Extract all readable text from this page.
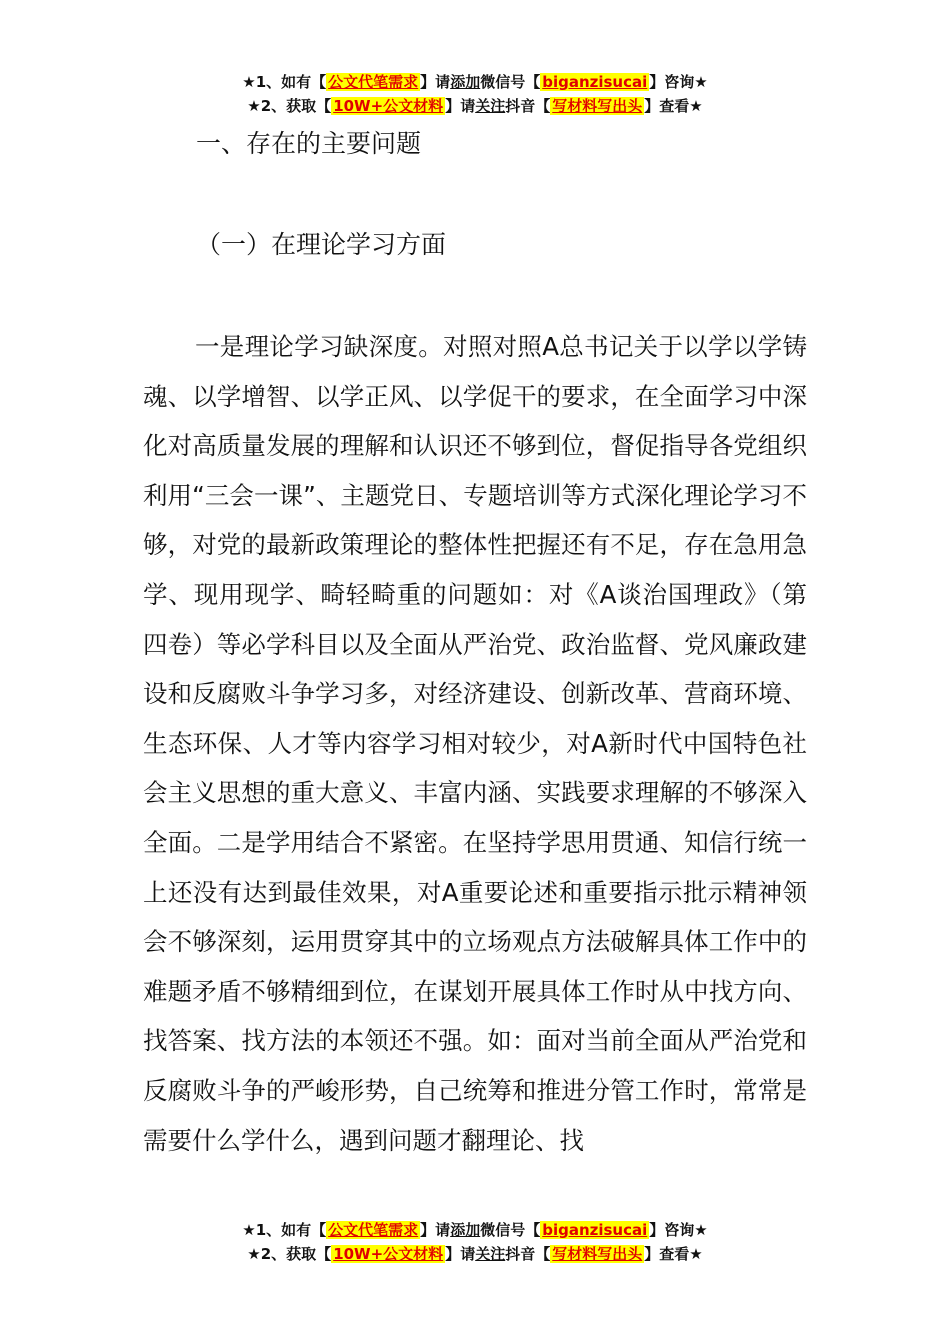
★1、如有【 公文代笔需求 】请添加微信号【 biganzisucai 】咨询★
★2、获取【 10W+公文材料 】请关注抖音【 写材料写出头 】查看★
一、存在的主要问题
（一）在理论学习方面

一是理论学习缺深度。对照对照A总书记关于以学以学铸魂、以学增智、以学正风、以学促干的要求，在全面学习中深化对高质量发展的理解和认识还不够到位，督促指导各党组织利用“三会一课”、主题党日、专题培训等方式深化理论学习不够，对党的最新政策理论的整体性把握还有不足，存在急用急学、现用现学、畸轻畸重的问题如：对《A谈治国理政》（第四卷）等必学科目以及全面从严治党、政治监督、党风廉政建设和反腐败斗争学习多，对经济建设、创新改革、营商环境、生态环保、人才等内容学习相对较少，对A新时代中国特色社会主义思想的重大意义、丰富内涵、实践要求理解的不够深入全面。二是学用结合不紧密。在坚持学思用贯通、知信行统一上还没有达到最佳效果，对A重要论述和重要指示批示精神领会不够深刻，运用贯穿其中的立场观点方法破解具体工作中的难题矛盾不够精细到位，在谋划开展具体工作时从中找方向、找答案、找方法的本领还不强。如：面对当前全面从严治党和反腐败斗争的严峻形势，自己统筹和推进分管工作时，常常是需要什么学什么，遇到问题才翻理论、找

★1、如有【 公文代笔需求 】请添加微信号【 biganzisucai 】咨询★
★2、获取【 10W+公文材料 】请关注抖音【 写材料写出头 】查看★
